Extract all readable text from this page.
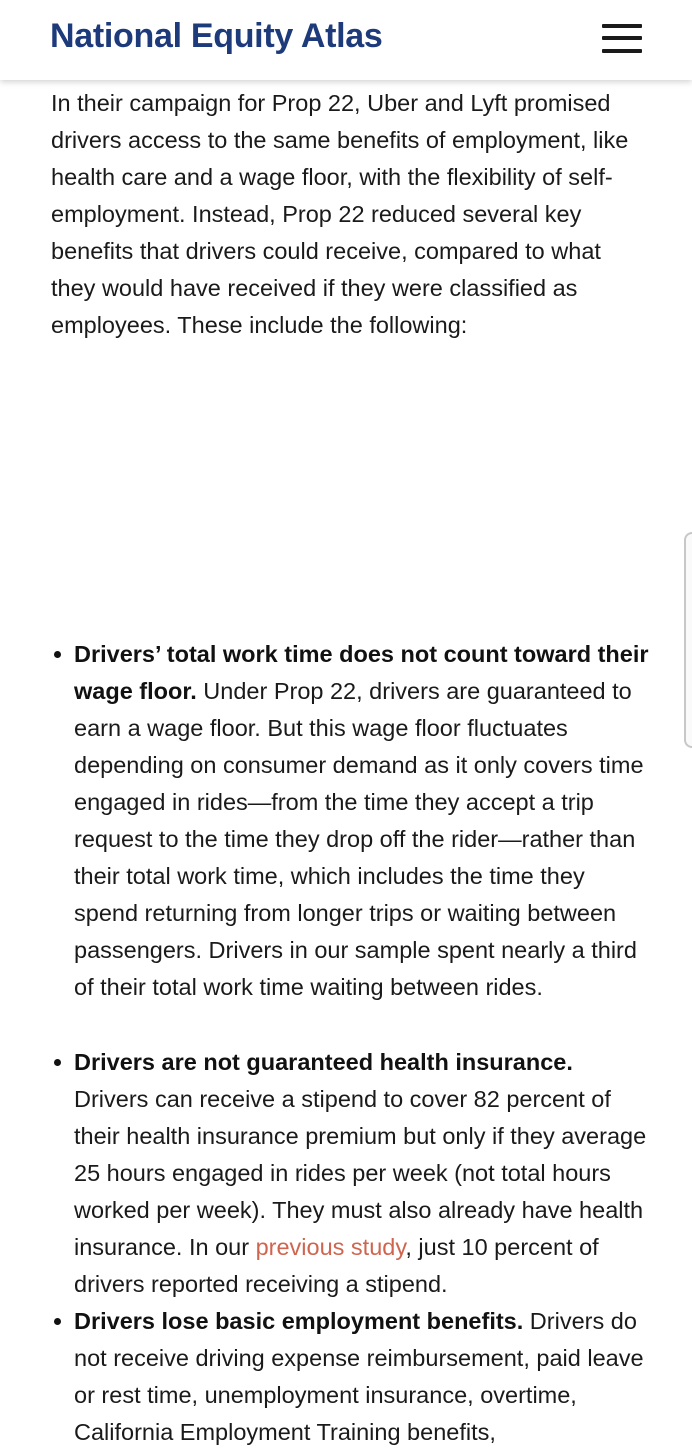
National Equity Atlas

In their campaign for Prop 22, Uber and Lyft promised drivers access to the same benefits of employment, like health care and a wage floor, with the flexibility of self-employment. Instead, Prop 22 reduced several key benefits that drivers could receive, compared to what they would have received if they were classified as employees. These include the following:

Drivers’ total work time does not count toward their wage floor. Under Prop 22, drivers are guaranteed to earn a wage floor. But this wage floor fluctuates depending on consumer demand as it only covers time engaged in rides—from the time they accept a trip request to the time they drop off the rider—rather than their total work time, which includes the time they spend returning from longer trips or waiting between passengers. Drivers in our sample spent nearly a third of their total work time waiting between rides.
Drivers are not guaranteed health insurance. Drivers can receive a stipend to cover 82 percent of their health insurance premium but only if they average 25 hours engaged in rides per week (not total hours worked per week). They must also already have health insurance. In our previous study, just 10 percent of drivers reported receiving a stipend.
Drivers lose basic employment benefits. Drivers do not receive driving expense reimbursement, paid leave or rest time, unemployment insurance, overtime, California Employment Training benefits,
